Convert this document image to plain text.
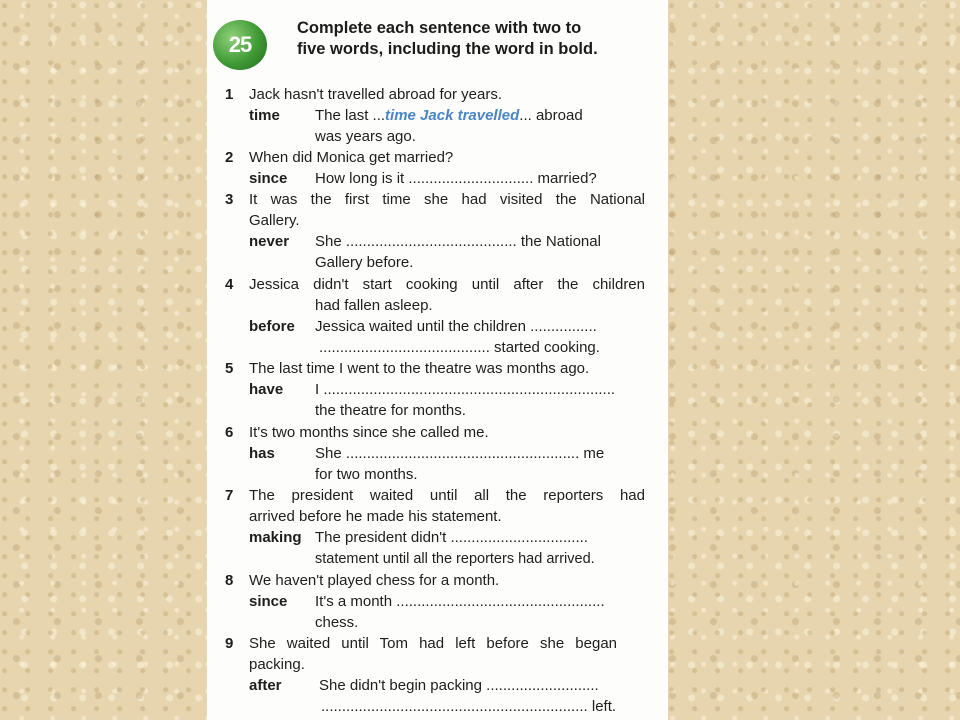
25
Complete each sentence with two to
five words, including the word in bold.
1 Jack hasn't travelled abroad for years.
time The last ...time Jack travelled... abroad
was years ago.
2 When did Monica get married?
since How long is it .............................. married?
3 It was the first time she had visited the National
Gallery.
never She ......................................... the National
Gallery before.
4 Jessica didn't start cooking until after the children
had fallen asleep.
before Jessica waited until the children ................
......................................... started cooking.
5 The last time I went to the theatre was months ago.
have I ......................................................................
the theatre for months.
6 It's two months since she called me.
has	She ........................................................ me
for two months.
7 The president waited until all the reporters had
arrived before he made his statement.
making The president didn't .................................
statement until all the reporters had arrived.
8 We haven't played chess for a month.
since It's a month ..................................................
chess.
9 She waited until Tom had left before she began
packing.
after She didn't begin packing ...........................
................................................................ left.
